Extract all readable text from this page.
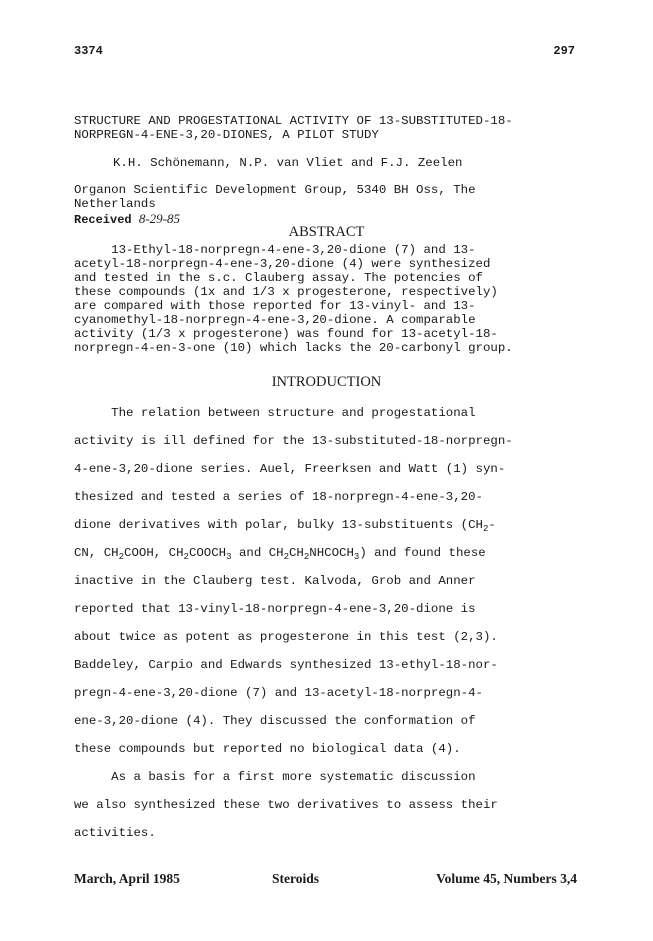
3374	297
STRUCTURE AND PROGESTATIONAL ACTIVITY OF 13-SUBSTITUTED-18-
NORPREGN-4-ENE-3,20-DIONES, A PILOT STUDY
K.H. Schönemann, N.P. van Vliet and F.J. Zeelen
Organon Scientific Development Group, 5340 BH Oss, The
Netherlands
Received 8-29-85
ABSTRACT
13-Ethyl-18-norpregn-4-ene-3,20-dione (7) and 13-
acetyl-18-norpregn-4-ene-3,20-dione (4) were synthesized
and tested in the s.c. Clauberg assay. The potencies of
these compounds (1x and 1/3 x progesterone, respectively)
are compared with those reported for 13-vinyl- and 13-
cyanomethyl-18-norpregn-4-ene-3,20-dione. A comparable
activity (1/3 x progesterone) was found for 13-acetyl-18-
norpregn-4-en-3-one (10) which lacks the 20-carbonyl group.
INTRODUCTION
The relation between structure and progestational
activity is ill defined for the 13-substituted-18-norpregn-
4-ene-3,20-dione series. Auel, Freerksen and Watt (1) syn-
thesized and tested a series of 18-norpregn-4-ene-3,20-
dione derivatives with polar, bulky 13-substituents ($CH_2-$
CN, $CH_2COOH$, $CH_2COOCH_3$ and $CH_2CH_2NHCOCH_3$) and found these
inactive in the Clauberg test. Kalvoda, Grob and Anner
reported that 13-vinyl-18-norpregn-4-ene-3,20-dione is
about twice as potent as progesterone in this test (2,3).
Baddeley, Carpio and Edwards synthesized 13-ethyl-18-nor-
pregn-4-ene-3,20-dione (7) and 13-acetyl-18-norpregn-4-
ene-3,20-dione (4). They discussed the conformation of
these compounds but reported no biological data (4).
As a basis for a first more systematic discussion
we also synthesized these two derivatives to assess their
activities.
March, April 1985	Steroids	Volume 45, Numbers 3,4
